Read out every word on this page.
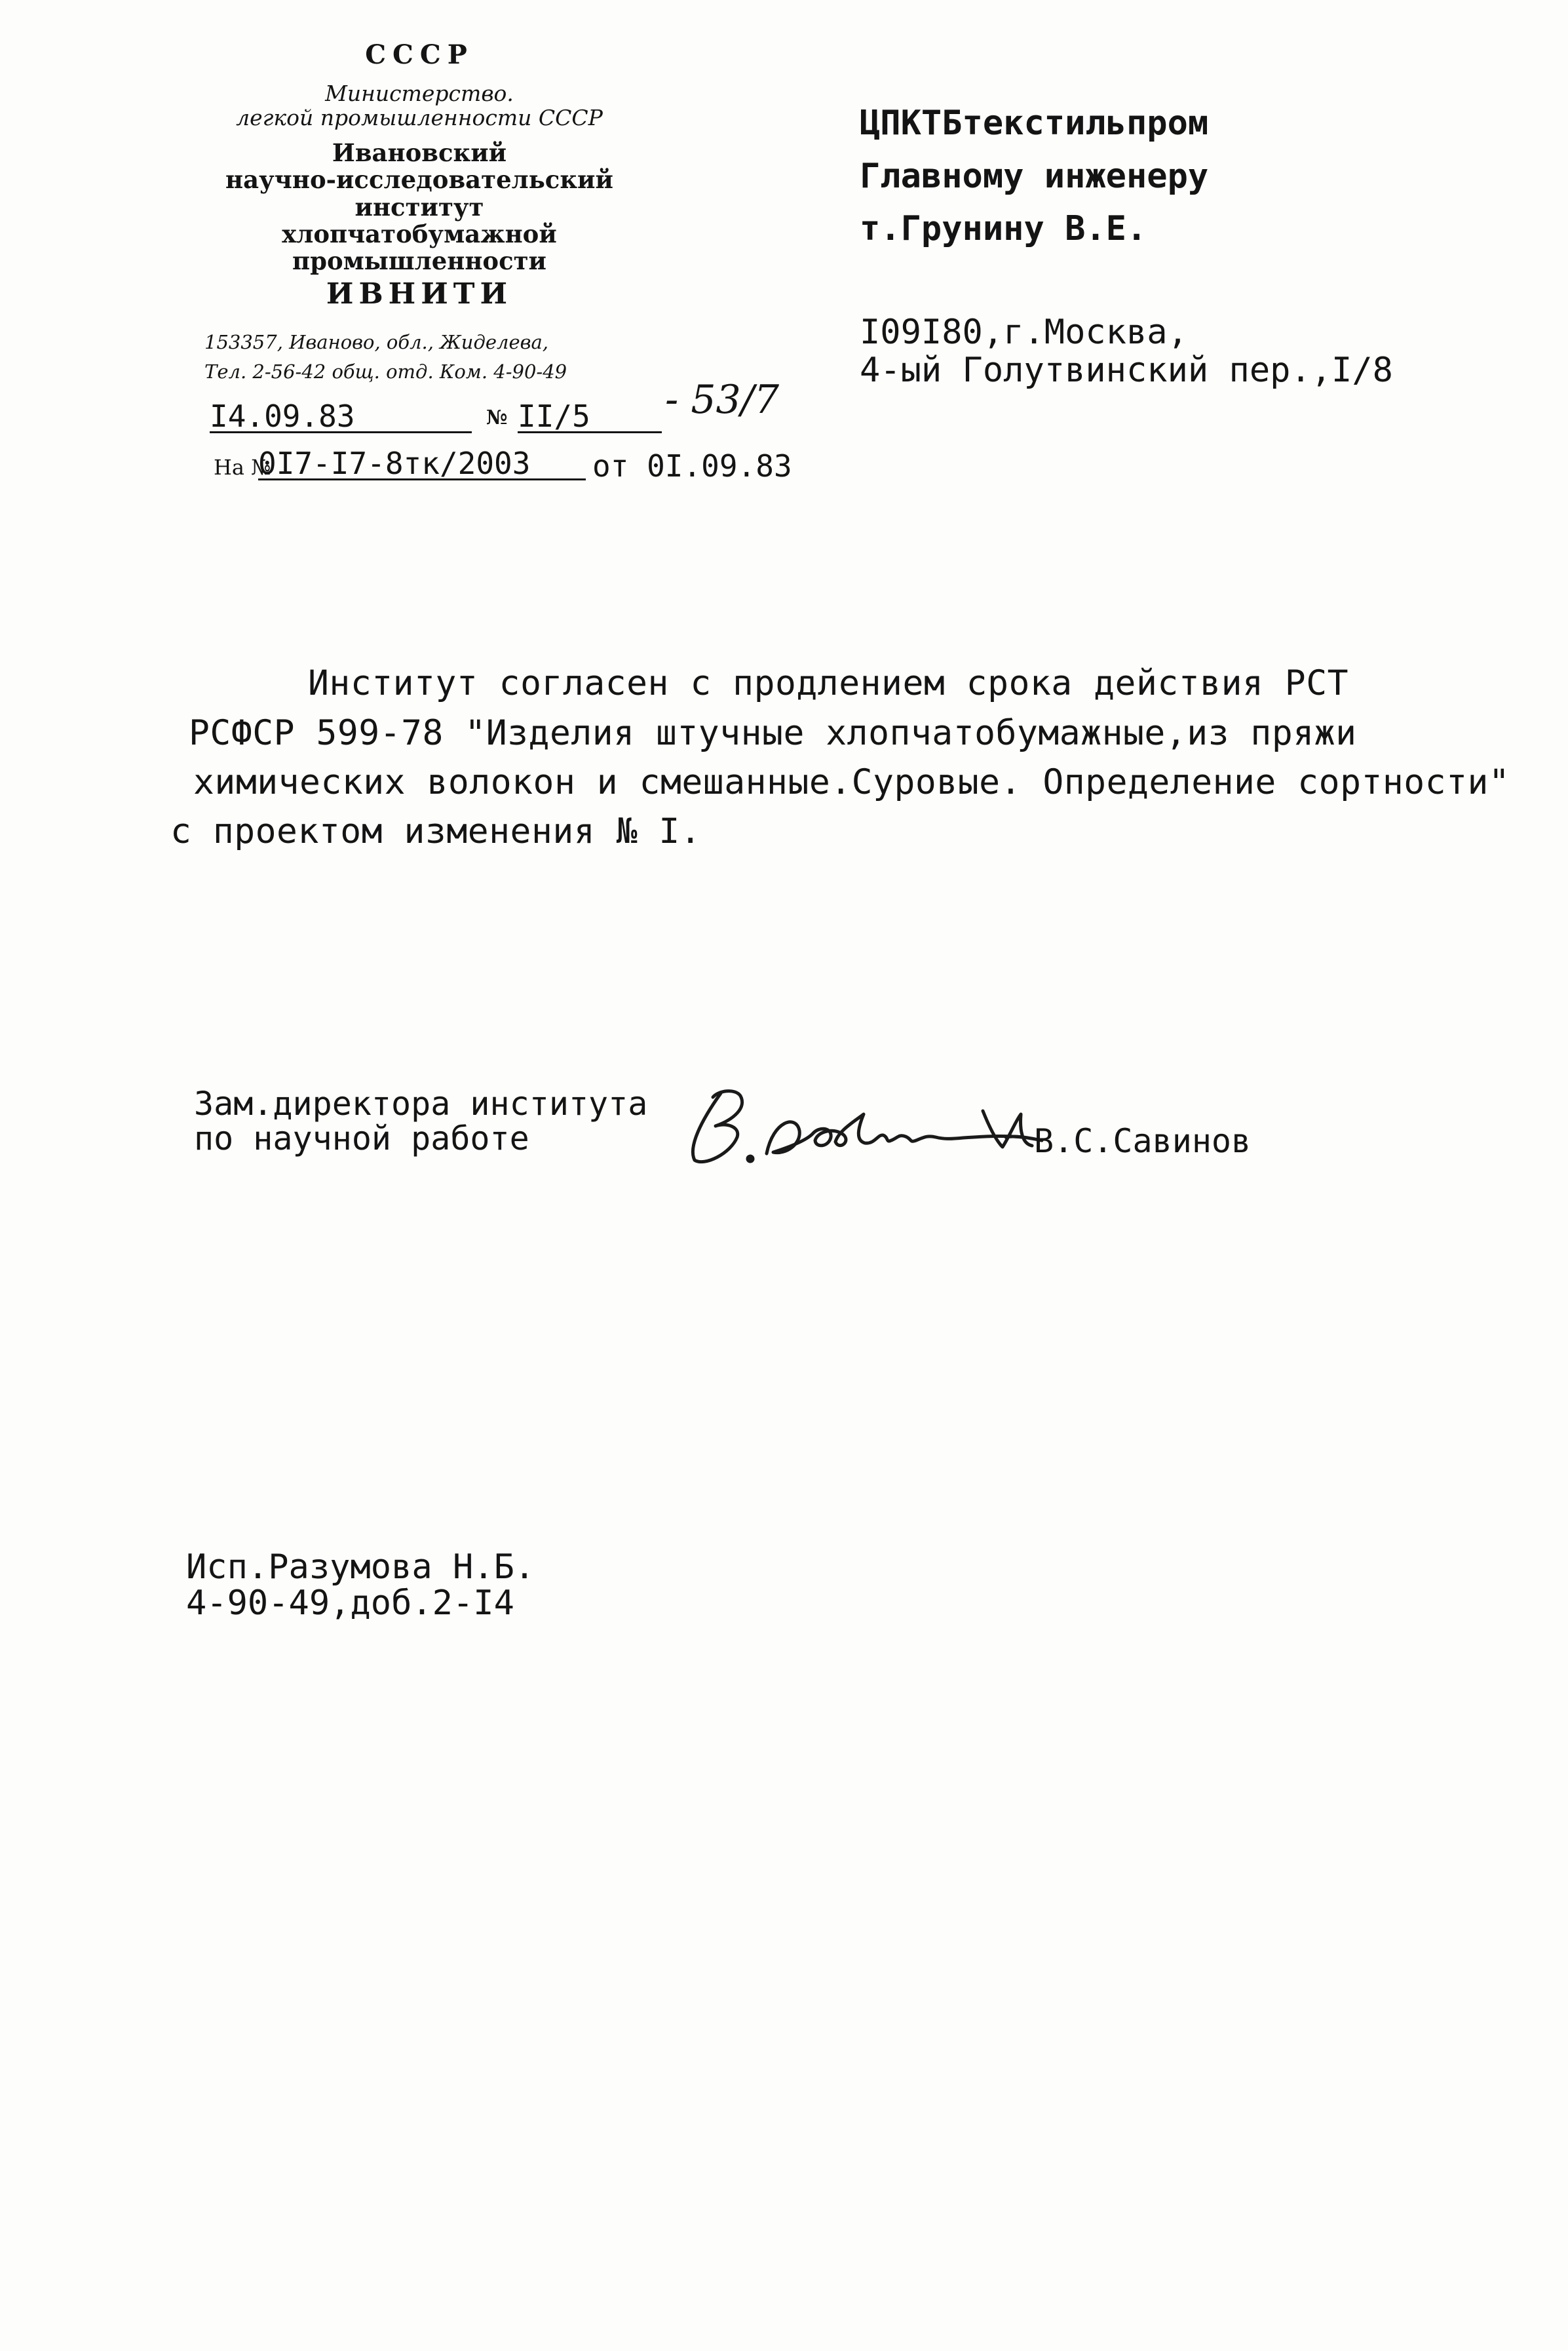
СССР
Министерство.
легкой промышленности СССР
Ивановский
научно-исследовательский
институт
хлопчатобумажной
промышленности
ИВНИТИ
153357, Иваново, обл., Жиделева,
Тел. 2-56-42 общ. отд. Ком. 4-90-49
I4.09.83	№ II/5	- 53/7
На №
0I7-I7-8тк/2003	от 0I.09.83
ЦПКТБтекстильпром
Главному инженеру
т.Грунину В.Е.
I09I80,г.Москва,
4-ый Голутвинский пер.,I/8
Институт согласен с продлением срока действия РСТ
РСФСР 599-78 "Изделия штучные хлопчатобумажные,из пряжи
химических волокон и смешанные.Суровые. Определение сортности"
с проектом изменения № I.
Зам.директора института
по научной работе	В.С.Савинов
Исп.Разумова Н.Б.
4-90-49,доб.2-I4
